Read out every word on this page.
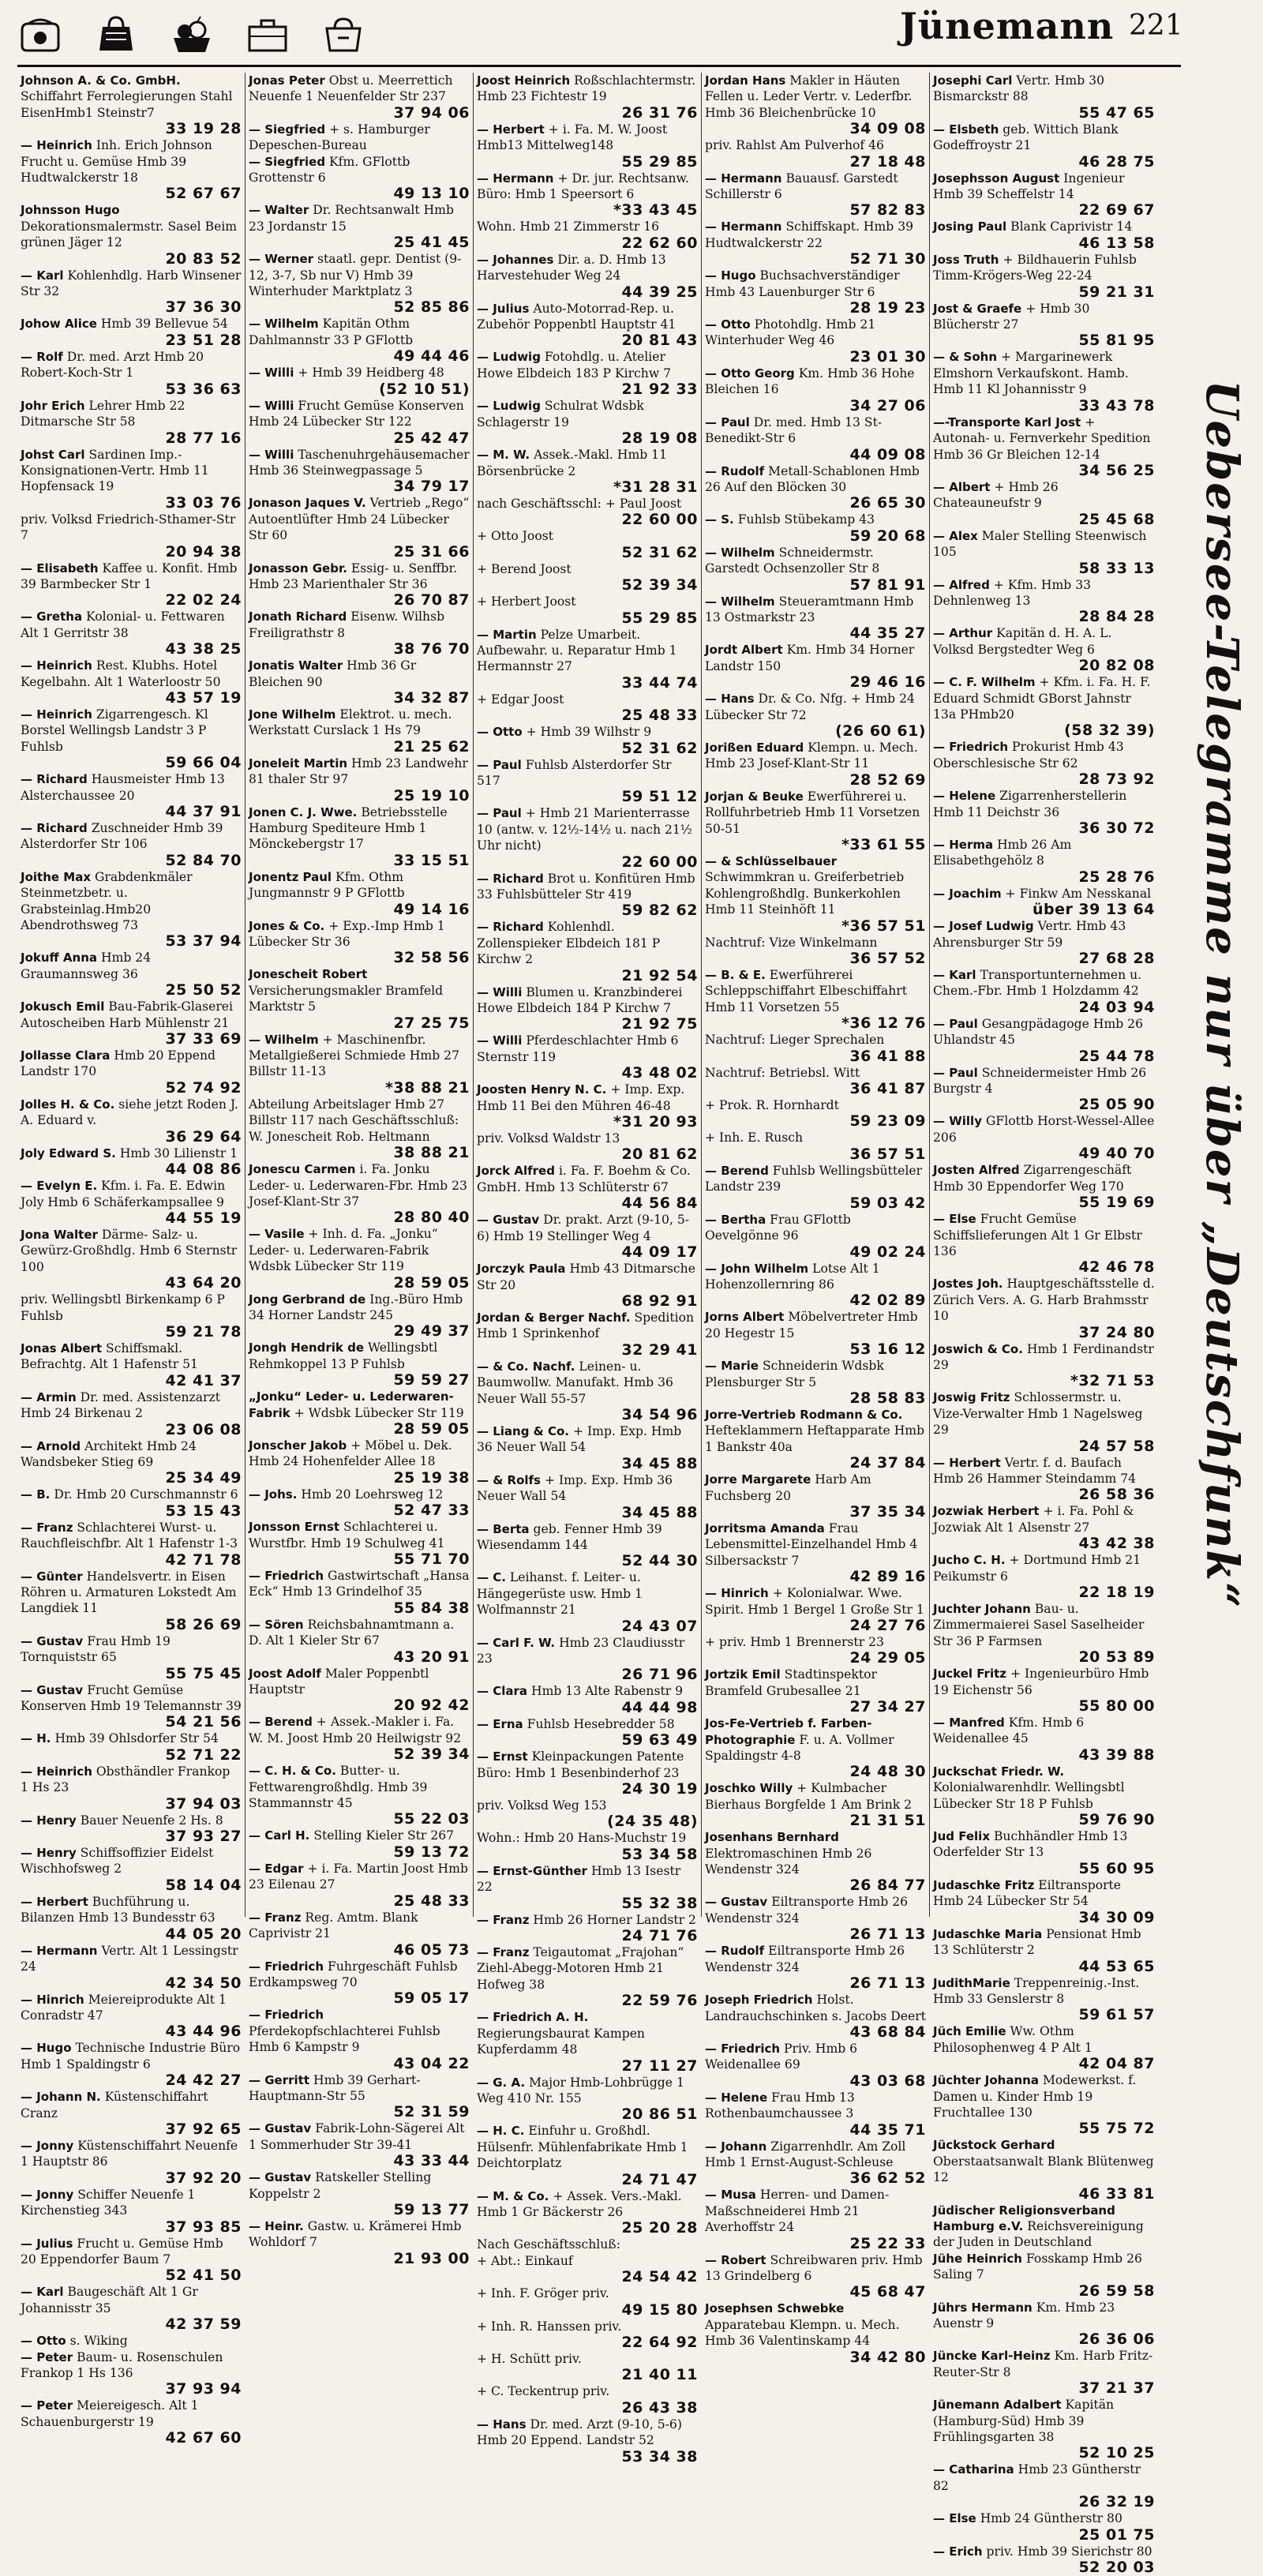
Jünemann 221

Johnson A. & Co. GmbH. Schiffahrt Ferrolegierungen Stahl EisenHmb1 Steinstr7
33 19 28

— Heinrich Inh. Erich Johnson Frucht u. Gemüse Hmb 39 Hudtwalckerstr 18
52 67 67

Johnsson Hugo Dekorationsmalermstr. Sasel Beim grünen Jäger 12
20 83 52

— Karl Kohlenhdlg. Harb Winsener Str 32
37 36 30

Johow Alice Hmb 39 Bellevue 54
23 51 28

— Rolf Dr. med. Arzt Hmb 20 Robert-Koch-Str 1
53 36 63

Johr Erich Lehrer Hmb 22 Ditmarsche Str 58
28 77 16

Johst Carl Sardinen Imp.-Konsignationen-Vertr. Hmb 11 Hopfensack 19
33 03 76

priv. Volksd Friedrich-Sthamer-Str 7
20 94 38

— Elisabeth Kaffee u. Konfit. Hmb 39 Barmbecker Str 1
22 02 24

— Gretha Kolonial- u. Fettwaren Alt 1 Gerritstr 38
43 38 25

— Heinrich Rest. Klubhs. Hotel Kegelbahn. Alt 1 Waterloostr 50
43 57 19

— Heinrich Zigarrengesch. Kl Borstel Wellingsb Landstr 3 P Fuhlsb
59 66 04

— Richard Hausmeister Hmb 13 Alsterchaussee 20
44 37 91

— Richard Zuschneider Hmb 39 Alsterdorfer Str 106
52 84 70

Joithe Max Grabdenkmäler Steinmetzbetr. u. Grabsteinlag.Hmb20 Abendrothsweg 73
53 37 94

Jokuff Anna Hmb 24 Graumannsweg 36
25 50 52

Jokusch Emil Bau-Fabrik-Glaserei Autoscheiben Harb Mühlenstr 21
37 33 69

Jollasse Clara Hmb 20 Eppend Landstr 170
52 74 92

Jolles H. & Co. siehe jetzt Roden J. A. Eduard v.
36 29 64

Joly Edward S. Hmb 30 Lilienstr 1
44 08 86

— Evelyn E. Kfm. i. Fa. E. Edwin Joly Hmb 6 Schäferkampsallee 9
44 55 19

Jona Walter Därme- Salz- u. Gewürz-Großhdlg. Hmb 6 Sternstr 100
43 64 20

priv. Wellingsbtl Birkenkamp 6 P Fuhlsb
59 21 78

Jonas Albert Schiffsmakl. Befrachtg. Alt 1 Hafenstr 51
42 41 37

— Armin Dr. med. Assistenzarzt Hmb 24 Birkenau 2
23 06 08

— Arnold Architekt Hmb 24 Wandsbeker Stieg 69
25 34 49

— B. Dr. Hmb 20 Curschmannstr 6
53 15 43

— Franz Schlachterei Wurst- u. Rauchfleischfbr. Alt 1 Hafenstr 1-3
42 71 78

— Günter Handelsvertr. in Eisen Röhren u. Armaturen Lokstedt Am Langdiek 11
58 26 69

— Gustav Frau Hmb 19 Tornquiststr 65
55 75 45

— Gustav Frucht Gemüse Konserven Hmb 19 Telemannstr 39
54 21 56

— H. Hmb 39 Ohlsdorfer Str 54
52 71 22

— Heinrich Obsthändler Frankop 1 Hs 23
37 94 03

— Henry Bauer Neuenfe 2 Hs. 8
37 93 27

— Henry Schiffsoffizier Eidelst Wischhofsweg 2
58 14 04

— Herbert Buchführung u. Bilanzen Hmb 13 Bundesstr 63
44 05 20

— Hermann Vertr. Alt 1 Lessingstr 24
42 34 50

— Hinrich Meiereiprodukte Alt 1 Conradstr 47
43 44 96

— Hugo Technische Industrie Büro Hmb 1 Spaldingstr 6
24 42 27

— Johann N. Küstenschiffahrt Cranz
37 92 65

— Jonny Küstenschiffahrt Neuenfe 1 Hauptstr 86
37 92 20

— Jonny Schiffer Neuenfe 1 Kirchenstieg 343
37 93 85

— Julius Frucht u. Gemüse Hmb 20 Eppendorfer Baum 7
52 41 50

— Karl Baugeschäft Alt 1 Gr Johannisstr 35
42 37 59

— Otto s. Wiking

— Peter Baum- u. Rosenschulen Frankop 1 Hs 136
37 93 94

— Peter Meiereigesch. Alt 1 Schauenburgerstr 19
42 67 60

Jonas Peter Obst u. Meerrettich Neuenfe 1 Neuenfelder Str 237
37 94 06

— Siegfried + s. Hamburger Depeschen-Bureau

— Siegfried Kfm. GFlottb Grottenstr 6
49 13 10

— Walter Dr. Rechtsanwalt Hmb 23 Jordanstr 15
25 41 45

— Werner staatl. gepr. Dentist (9-12, 3-7, Sb nur V) Hmb 39 Winterhuder Marktplatz 3
52 85 86

— Wilhelm Kapitän Othm Dahlmannstr 33 P GFlottb
49 44 46

— Willi + Hmb 39 Heidberg 48
(52 10 51)

— Willi Frucht Gemüse Konserven Hmb 24 Lübecker Str 122
25 42 47

— Willi Taschenuhrgehäusemacher Hmb 36 Steinwegpassage 5
34 79 17

Jonason Jaques V. Vertrieb „Rego“ Autoentlüfter Hmb 24 Lübecker Str 60
25 31 66

Jonasson Gebr. Essig- u. Senffbr. Hmb 23 Marienthaler Str 36
26 70 87

Jonath Richard Eisenw. Wilhsb Freiligrathstr 8
38 76 70

Jonatis Walter Hmb 36 Gr Bleichen 90
34 32 87

Jone Wilhelm Elektrot. u. mech. Werkstatt Curslack 1 Hs 79
21 25 62

Joneleit Martin Hmb 23 Landwehr 81 thaler Str 97
25 19 10

Jonen C. J. Wwe. Betriebsstelle Hamburg Spediteure Hmb 1 Mönckebergstr 17
33 15 51

Jonentz Paul Kfm. Othm Jungmannstr 9 P GFlottb
49 14 16

Jones & Co. + Exp.-Imp Hmb 1 Lübecker Str 36
32 58 56

Jonescheit Robert Versicherungsmakler Bramfeld Marktstr 5
27 25 75

— Wilhelm + Maschinenfbr. Metallgießerei Schmiede Hmb 27 Billstr 11-13
*38 88 21

Abteilung Arbeitslager Hmb 27 Billstr 117 nach Geschäftsschluß: W. Jonescheit Rob. Heltmann
38 88 21

Jonescu Carmen i. Fa. Jonku Leder- u. Lederwaren-Fbr. Hmb 23 Josef-Klant-Str 37
28 80 40

— Vasile + Inh. d. Fa. „Jonku“ Leder- u. Lederwaren-Fabrik Wdsbk Lübecker Str 119
28 59 05

Jong Gerbrand de Ing.-Büro Hmb 34 Horner Landstr 245
29 49 37

Jongh Hendrik de Wellingsbtl Rehmkoppel 13 P Fuhlsb
59 59 27

„Jonku“ Leder- u. Lederwaren-Fabrik + Wdsbk Lübecker Str 119
28 59 05

Jonscher Jakob + Möbel u. Dek. Hmb 24 Hohenfelder Allee 18
25 19 38

— Johs. Hmb 20 Loehrsweg 12
52 47 33

Jonsson Ernst Schlachterei u. Wurstfbr. Hmb 19 Schulweg 41
55 71 70

— Friedrich Gastwirtschaft „Hansa Eck“ Hmb 13 Grindelhof 35
55 84 38

— Sören Reichsbahnamtmann a. D. Alt 1 Kieler Str 67
43 20 91

Joost Adolf Maler Poppenbtl Hauptstr
20 92 42

— Berend + Assek.-Makler i. Fa. W. M. Joost Hmb 20 Heilwigstr 92
52 39 34

— C. H. & Co. Butter- u. Fettwarengroßhdlg. Hmb 39 Stammannstr 45
55 22 03

— Carl H. Stelling Kieler Str 267
59 13 72

— Edgar + i. Fa. Martin Joost Hmb 23 Eilenau 27
25 48 33

— Franz Reg. Amtm. Blank Caprivistr 21
46 05 73

— Friedrich Fuhrgeschäft Fuhlsb Erdkampsweg 70
59 05 17

— Friedrich Pferdekopfschlachterei Fuhlsb Hmb 6 Kampstr 9
43 04 22

— Gerritt Hmb 39 Gerhart-Hauptmann-Str 55
52 31 59

— Gustav Fabrik-Lohn-Sägerei Alt 1 Sommerhuder Str 39-41
43 33 44

— Gustav Ratskeller Stelling Koppelstr 2
59 13 77

— Heinr. Gastw. u. Krämerei Hmb Wohldorf 7
21 93 00

Joost Heinrich Roßschlachtermstr. Hmb 23 Fichtestr 19
26 31 76

— Herbert + i. Fa. M. W. Joost Hmb13 Mittelweg148
55 29 85

— Hermann + Dr. jur. Rechtsanw. Büro: Hmb 1 Speersort 6
*33 43 45

Wohn. Hmb 21 Zimmerstr 16
22 62 60

— Johannes Dir. a. D. Hmb 13 Harvestehuder Weg 24
44 39 25

— Julius Auto-Motorrad-Rep. u. Zubehör Poppenbtl Hauptstr 41
20 81 43

— Ludwig Fotohdlg. u. Atelier Howe Elbdeich 183 P Kirchw 7
21 92 33

— Ludwig Schulrat Wdsbk Schlagerstr 19
28 19 08

— M. W. Assek.-Makl. Hmb 11 Börsenbrücke 2
*31 28 31

nach Geschäftsschl: + Paul Joost
22 60 00

+ Otto Joost
52 31 62

+ Berend Joost
52 39 34

+ Herbert Joost
55 29 85

— Martin Pelze Umarbeit. Aufbewahr. u. Reparatur Hmb 1 Hermannstr 27
33 44 74

+ Edgar Joost
25 48 33

— Otto + Hmb 39 Wilhstr 9
52 31 62

— Paul Fuhlsb Alsterdorfer Str 517
59 51 12

— Paul + Hmb 21 Marienterrasse 10 (antw. v. 12½-14½ u. nach 21½ Uhr nicht)
22 60 00

— Richard Brot u. Konfitüren Hmb 33 Fuhlsbütteler Str 419
59 82 62

— Richard Kohlenhdl. Zollenspieker Elbdeich 181 P Kirchw 2
21 92 54

— Willi Blumen u. Kranzbinderei Howe Elbdeich 184 P Kirchw 7
21 92 75

— Willi Pferdeschlachter Hmb 6 Sternstr 119
43 48 02

Joosten Henry N. C. + Imp. Exp. Hmb 11 Bei den Mühren 46-48
*31 20 93

priv. Volksd Waldstr 13
20 81 62

Jorck Alfred i. Fa. F. Boehm & Co. GmbH. Hmb 13 Schlüterstr 67
44 56 84

— Gustav Dr. prakt. Arzt (9-10, 5-6) Hmb 19 Stellinger Weg 4
44 09 17

Jorczyk Paula Hmb 43 Ditmarsche Str 20
68 92 91

Jordan & Berger Nachf. Spedition Hmb 1 Sprinkenhof
32 29 41

— & Co. Nachf. Leinen- u. Baumwollw. Manufakt. Hmb 36 Neuer Wall 55-57
34 54 96

— Liang & Co. + Imp. Exp. Hmb 36 Neuer Wall 54
34 45 88

— & Rolfs + Imp. Exp. Hmb 36 Neuer Wall 54
34 45 88

— Berta geb. Fenner Hmb 39 Wiesendamm 144
52 44 30

— C. Leihanst. f. Leiter- u. Hängegerüste usw. Hmb 1 Wolfmannstr 21
24 43 07

— Carl F. W. Hmb 23 Claudiusstr 23
26 71 96

— Clara Hmb 13 Alte Rabenstr 9
44 44 98

— Erna Fuhlsb Hesebredder 58
59 63 49

— Ernst Kleinpackungen Patente Büro: Hmb 1 Besenbinderhof 23
24 30 19

priv. Volksd Weg 153
(24 35 48)

Wohn.: Hmb 20 Hans-Muchstr 19
53 34 58

— Ernst-Günther Hmb 13 Isestr 22
55 32 38

— Franz Hmb 26 Horner Landstr 2
24 71 76

— Franz Teigautomat „Frajohan“ Ziehl-Abegg-Motoren Hmb 21 Hofweg 38
22 59 76

— Friedrich A. H. Regierungsbaurat Kampen Kupferdamm 48
27 11 27

— G. A. Major Hmb-Lohbrügge 1 Weg 410 Nr. 155
20 86 51

— H. C. Einfuhr u. Großhdl. Hülsenfr. Mühlenfabrikate Hmb 1 Deichtorplatz
24 71 47

— M. & Co. + Assek. Vers.-Makl. Hmb 1 Gr Bäckerstr 26
25 20 28

Nach Geschäftsschluß:

+ Abt.: Einkauf
24 54 42

+ Inh. F. Gröger priv.
49 15 80

+ Inh. R. Hanssen priv.
22 64 92

+ H. Schütt priv.
21 40 11

+ C. Teckentrup priv.
26 43 38

— Hans Dr. med. Arzt (9-10, 5-6) Hmb 20 Eppend. Landstr 52
53 34 38

Jordan Hans Makler in Häuten Fellen u. Leder Vertr. v. Lederfbr. Hmb 36 Bleichenbrücke 10
34 09 08

priv. Rahlst Am Pulverhof 46
27 18 48

— Hermann Bauausf. Garstedt Schillerstr 6
57 82 83

— Hermann Schiffskapt. Hmb 39 Hudtwalckerstr 22
52 71 30

— Hugo Buchsachverständiger Hmb 43 Lauenburger Str 6
28 19 23

— Otto Photohdlg. Hmb 21 Winterhuder Weg 46
23 01 30

— Otto Georg Km. Hmb 36 Hohe Bleichen 16
34 27 06

— Paul Dr. med. Hmb 13 St-Benedikt-Str 6
44 09 08

— Rudolf Metall-Schablonen Hmb 26 Auf den Blöcken 30
26 65 30

— S. Fuhlsb Stübekamp 43
59 20 68

— Wilhelm Schneidermstr. Garstedt Ochsenzoller Str 8
57 81 91

— Wilhelm Steueramtmann Hmb 13 Ostmarkstr 23
44 35 27

Jordt Albert Km. Hmb 34 Horner Landstr 150
29 46 16

— Hans Dr. & Co. Nfg. + Hmb 24 Lübecker Str 72
(26 60 61)

Jorißen Eduard Klempn. u. Mech. Hmb 23 Josef-Klant-Str 11
28 52 69

Jorjan & Beuke Ewerführerei u. Rollfuhrbetrieb Hmb 11 Vorsetzen 50-51
*33 61 55

— & Schlüsselbauer Schwimmkran u. Greiferbetrieb Kohlengroßhdlg. Bunkerkohlen Hmb 11 Steinhöft 11
*36 57 51

Nachtruf: Vize Winkelmann
36 57 52

— B. & E. Ewerführerei Schleppschiffahrt Elbeschiffahrt Hmb 11 Vorsetzen 55
*36 12 76

Nachtruf: Lieger Sprechalen
36 41 88

Nachtruf: Betriebsl. Witt
36 41 87

+ Prok. R. Hornhardt
59 23 09

+ Inh. E. Rusch
36 57 51

— Berend Fuhlsb Wellingsbütteler Landstr 239
59 03 42

— Bertha Frau GFlottb Oevelgönne 96
49 02 24

— John Wilhelm Lotse Alt 1 Hohenzollernring 86
42 02 89

Jorns Albert Möbelvertreter Hmb 20 Hegestr 15
53 16 12

— Marie Schneiderin Wdsbk Plensburger Str 5
28 58 83

Jorre-Vertrieb Rodmann & Co. Hefteklammern Heftapparate Hmb 1 Bankstr 40a
24 37 84

Jorre Margarete Harb Am Fuchsberg 20
37 35 34

Jorritsma Amanda Frau Lebensmittel-Einzelhandel Hmb 4 Silbersackstr 7
42 89 16

— Hinrich + Kolonialwar. Wwe. Spirit. Hmb 1 Bergel 1 Große Str 1
24 27 76

+ priv. Hmb 1 Brennerstr 23
24 29 05

Jortzik Emil Stadtinspektor Bramfeld Grubesallee 21
27 34 27

Jos-Fe-Vertrieb f. Farben-Photographie F. u. A. Vollmer Spaldingstr 4-8
24 48 30

Joschko Willy + Kulmbacher Bierhaus Borgfelde 1 Am Brink 2
21 31 51

Josenhans Bernhard Elektromaschinen Hmb 26 Wendenstr 324
26 84 77

— Gustav Eiltransporte Hmb 26 Wendenstr 324
26 71 13

— Rudolf Eiltransporte Hmb 26 Wendenstr 324
26 71 13

Joseph Friedrich Holst. Landrauchschinken s. Jacobs Deert
43 68 84

— Friedrich Priv. Hmb 6 Weidenallee 69
43 03 68

— Helene Frau Hmb 13 Rothenbaumchaussee 3
44 35 71

— Johann Zigarrenhdlr. Am Zoll Hmb 1 Ernst-August-Schleuse
36 62 52

— Musa Herren- und Damen-Maßschneiderei Hmb 21 Averhoffstr 24
25 22 33

— Robert Schreibwaren priv. Hmb 13 Grindelberg 6
45 68 47

Josephsen Schwebke Apparatebau Klempn. u. Mech. Hmb 36 Valentinskamp 44
34 42 80

Josephi Carl Vertr. Hmb 30 Bismarckstr 88
55 47 65

— Elsbeth geb. Wittich Blank Godeffroystr 21
46 28 75

Josephsson August Ingenieur Hmb 39 Scheffelstr 14
22 69 67

Josing Paul Blank Caprivistr 14
46 13 58

Joss Truth + Bildhauerin Fuhlsb Timm-Krögers-Weg 22-24
59 21 31

Jost & Graefe + Hmb 30 Blücherstr 27
55 81 95

— & Sohn + Margarinewerk Elmshorn Verkaufskont. Hamb. Hmb 11 Kl Johannisstr 9
33 43 78

—-Transporte Karl Jost + Autonah- u. Fernverkehr Spedition Hmb 36 Gr Bleichen 12-14
34 56 25

— Albert + Hmb 26 Chateauneufstr 9
25 45 68

— Alex Maler Stelling Steenwisch 105
58 33 13

— Alfred + Kfm. Hmb 33 Dehnlenweg 13
28 84 28

— Arthur Kapitän d. H. A. L. Volksd Bergstedter Weg 6
20 82 08

— C. F. Wilhelm + Kfm. i. Fa. H. F. Eduard Schmidt GBorst Jahnstr 13a PHmb20
(58 32 39)

— Friedrich Prokurist Hmb 43 Oberschlesische Str 62
28 73 92

— Helene Zigarrenherstellerin Hmb 11 Deichstr 36
36 30 72

— Herma Hmb 26 Am Elisabethgehölz 8
25 28 76

— Joachim + Finkw Am Nesskanal
über 39 13 64

— Josef Ludwig Vertr. Hmb 43 Ahrensburger Str 59
27 68 28

— Karl Transportunternehmen u. Chem.-Fbr. Hmb 1 Holzdamm 42
24 03 94

— Paul Gesangpädagoge Hmb 26 Uhlandstr 45
25 44 78

— Paul Schneidermeister Hmb 26 Burgstr 4
25 05 90

— Willy GFlottb Horst-Wessel-Allee 206
49 40 70

Josten Alfred Zigarrengeschäft Hmb 30 Eppendorfer Weg 170
55 19 69

— Else Frucht Gemüse Schiffslieferungen Alt 1 Gr Elbstr 136
42 46 78

Jostes Joh. Hauptgeschäftsstelle d. Zürich Vers. A. G. Harb Brahmsstr 10
37 24 80

Joswich & Co. Hmb 1 Ferdinandstr 29
*32 71 53

Joswig Fritz Schlossermstr. u. Vize-Verwalter Hmb 1 Nagelsweg 29
24 57 58

— Herbert Vertr. f. d. Baufach Hmb 26 Hammer Steindamm 74
26 58 36

Jozwiak Herbert + i. Fa. Pohl & Jozwiak Alt 1 Alsenstr 27
43 42 38

Jucho C. H. + Dortmund Hmb 21 Peikumstr 6
22 18 19

Juchter Johann Bau- u. Zimmermaierei Sasel Saselheider Str 36 P Farmsen
20 53 89

Juckel Fritz + Ingenieurbüro Hmb 19 Eichenstr 56
55 80 00

— Manfred Kfm. Hmb 6 Weidenallee 45
43 39 88

Juckschat Friedr. W. Kolonialwarenhdlr. Wellingsbtl Lübecker Str 18 P Fuhlsb
59 76 90

Jud Felix Buchhändler Hmb 13 Oderfelder Str 13
55 60 95

Judaschke Fritz Eiltransporte Hmb 24 Lübecker Str 54
34 30 09

Judaschke Maria Pensionat Hmb 13 Schlüterstr 2
44 53 65

JudithMarie Treppenreinig.-Inst. Hmb 33 Genslerstr 8
59 61 57

Jüch Emilie Ww. Othm Philosophenweg 4 P Alt 1
42 04 87

Jüchter Johanna Modewerkst. f. Damen u. Kinder Hmb 19 Fruchtallee 130
55 75 72

Jückstock Gerhard Oberstaatsanwalt Blank Blütenweg 12
46 33 81

Jüdischer Religionsverband Hamburg e.V. Reichsvereinigung der Juden in Deutschland

Jühe Heinrich Fosskamp Hmb 26 Saling 7
26 59 58

Jührs Hermann Km. Hmb 23 Auenstr 9
26 36 06

Jüncke Karl-Heinz Km. Harb Fritz-Reuter-Str 8
37 21 37

Jünemann Adalbert Kapitän (Hamburg-Süd) Hmb 39 Frühlingsgarten 38
52 10 25

— Catharina Hmb 23 Güntherstr 82
26 32 19

— Else Hmb 24 Güntherstr 80
25 01 75

— Erich priv. Hmb 39 Sierichstr 80
52 20 03

Uebersee-Telegramme nur über „Deutschfunk“
